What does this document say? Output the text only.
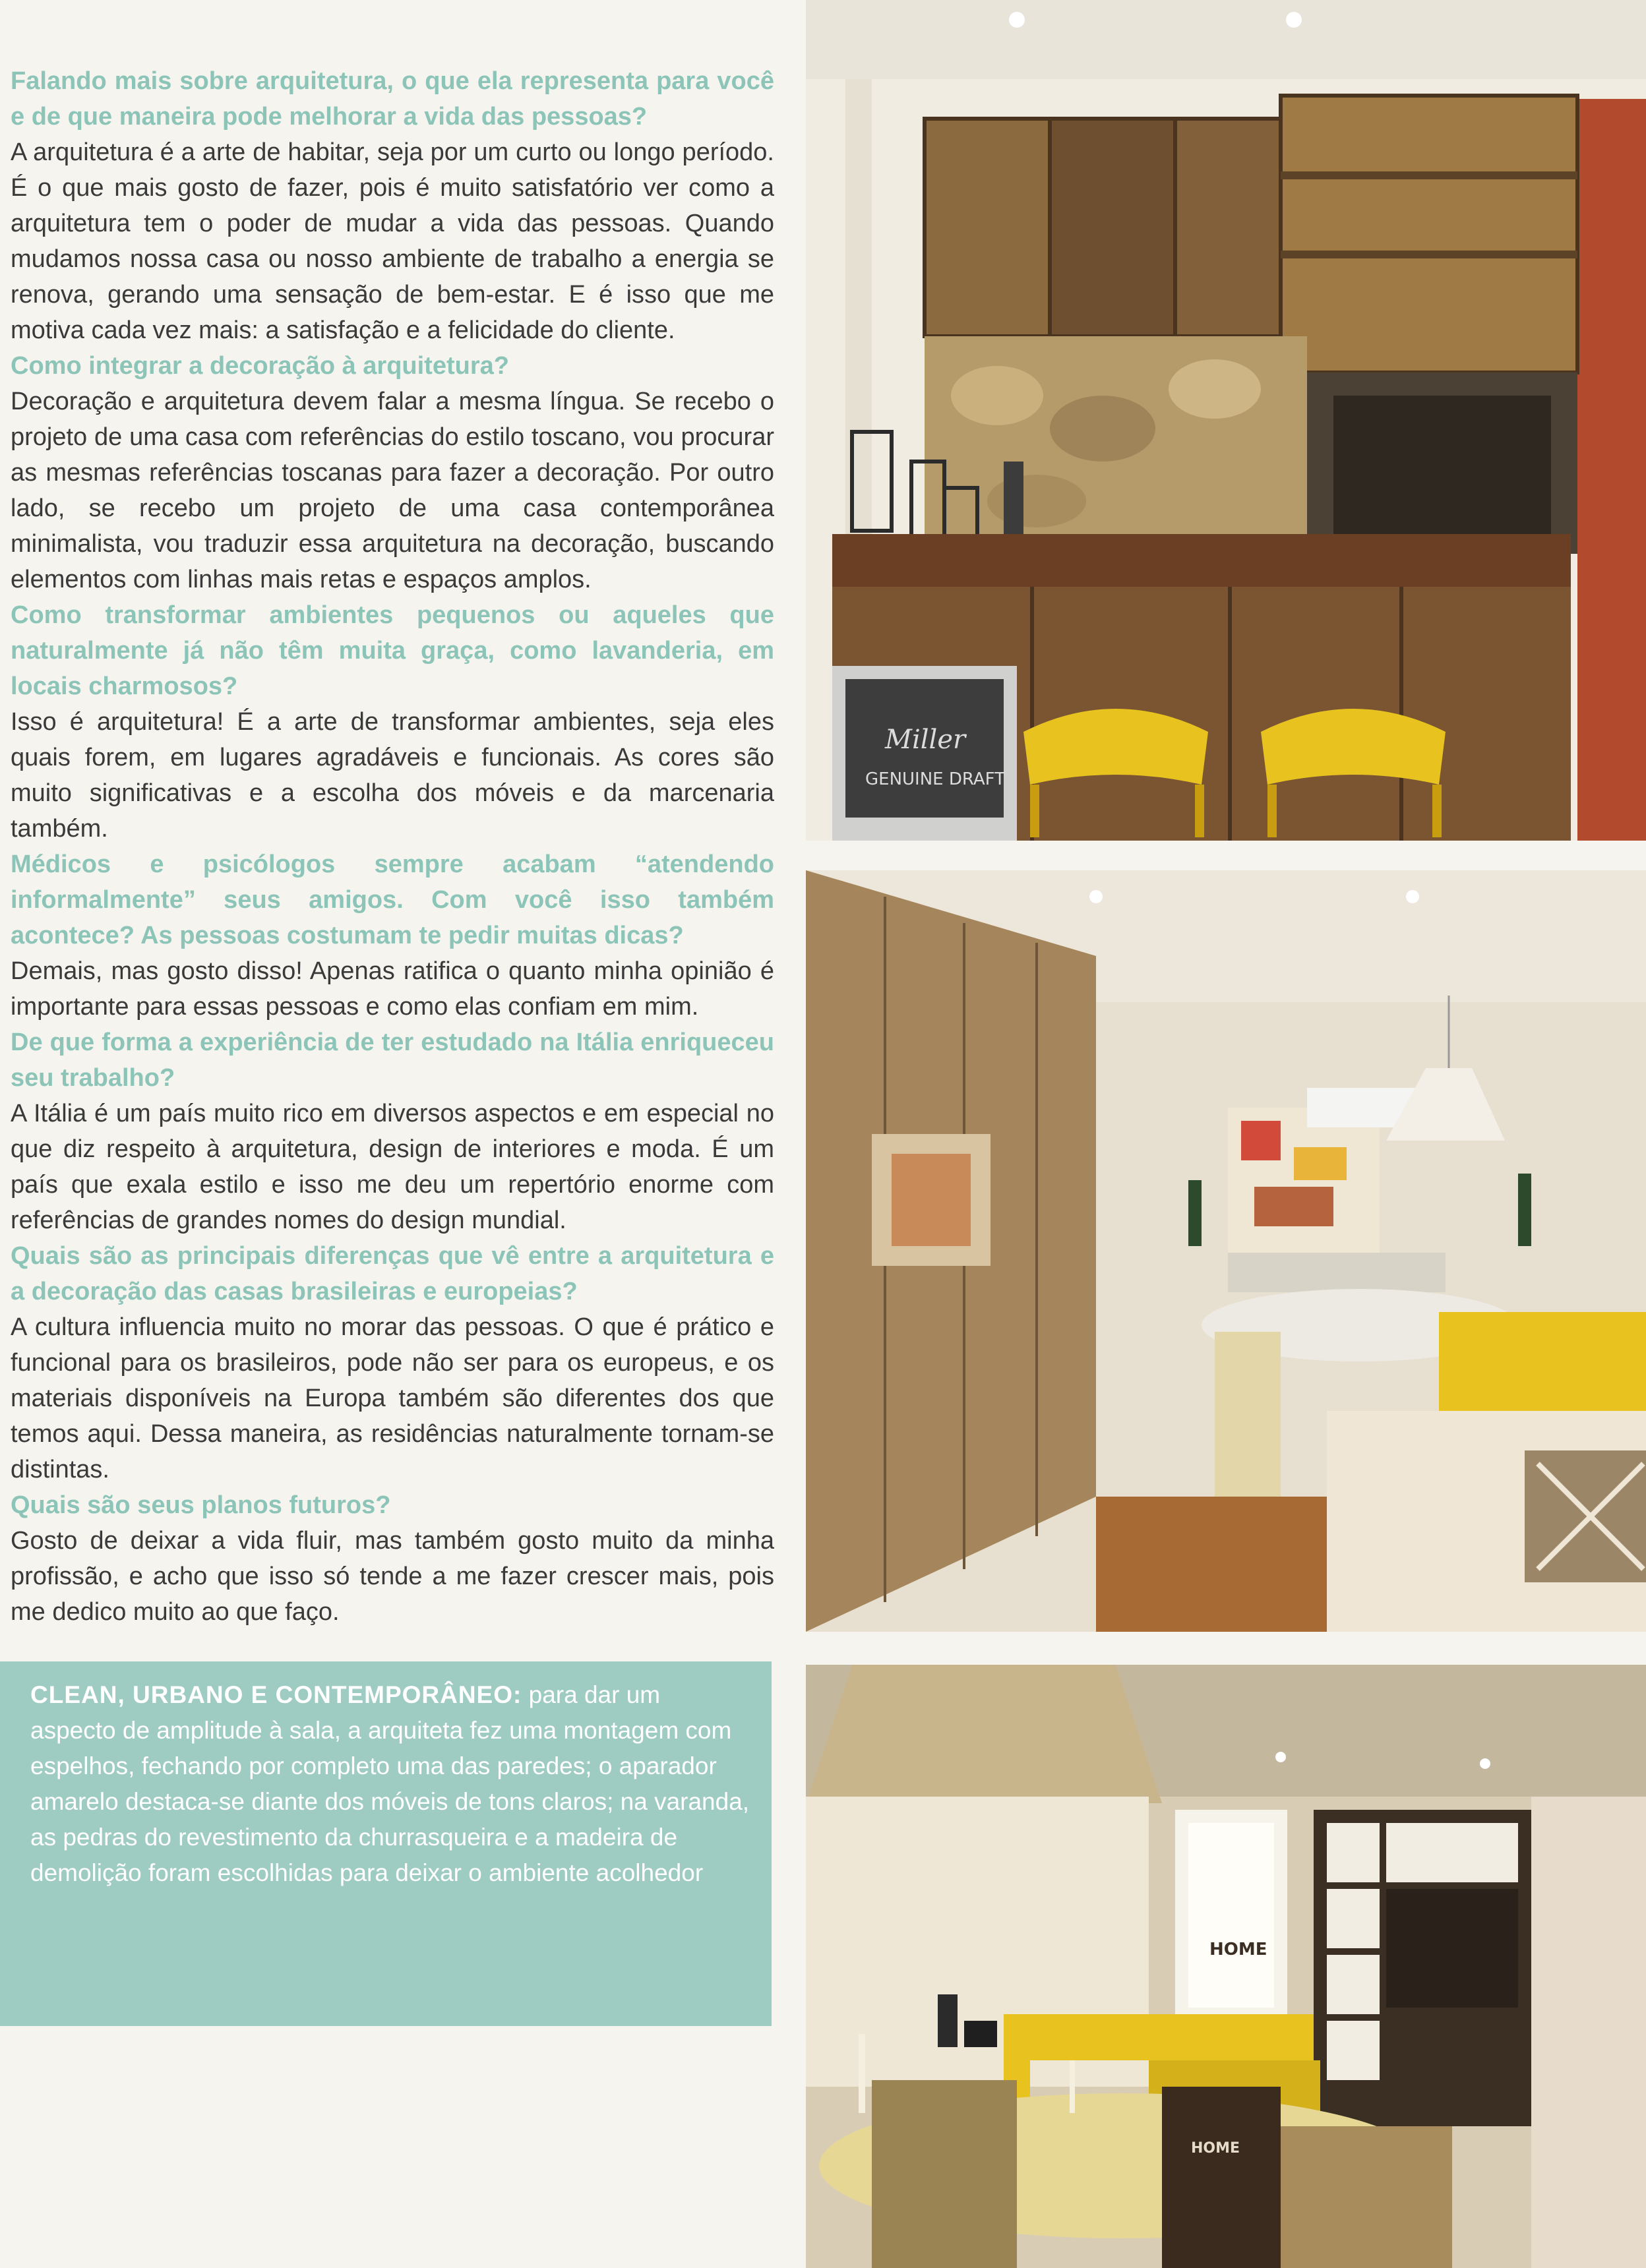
Falando mais sobre arquitetura, o que ela representa para você e de que maneira pode melhorar a vida das pessoas?

A arquitetura é a arte de habitar, seja por um curto ou longo período. É o que mais gosto de fazer, pois é muito satisfatório ver como a arquitetura tem o poder de mudar a vida das pessoas. Quando mudamos nossa casa ou nosso ambiente de trabalho a energia se renova, gerando uma sensação de bem-estar. E é isso que me motiva cada vez mais: a satisfação e a felicidade do cliente.

Como integrar a decoração à arquitetura?

Decoração e arquitetura devem falar a mesma língua. Se recebo o projeto de uma casa com referências do estilo toscano, vou procurar as mesmas referências toscanas para fazer a decoração. Por outro lado, se recebo um projeto de uma casa contemporânea minimalista, vou traduzir essa arquitetura na decoração, buscando elementos com linhas mais retas e espaços amplos.

Como transformar ambientes pequenos ou aqueles que naturalmente já não têm muita graça, como lavanderia, em locais charmosos?

Isso é arquitetura! É a arte de transformar ambientes, seja eles quais forem, em lugares agradáveis e funcionais. As cores são muito significativas e a escolha dos móveis e da marcenaria também.

Médicos e psicólogos sempre acabam “atendendo informalmente” seus amigos. Com você isso também acontece? As pessoas costumam te pedir muitas dicas?

Demais, mas gosto disso! Apenas ratifica o quanto minha opinião é importante para essas pessoas e como elas confiam em mim.

De que forma a experiência de ter estudado na Itália enriqueceu seu trabalho?

A Itália é um país muito rico em diversos aspectos e em especial no que diz respeito à arquitetura, design de interiores e moda. É um país que exala estilo e isso me deu um repertório enorme com referências de grandes nomes do design mundial.

Quais são as principais diferenças que vê entre a arquitetura e a decoração das casas brasileiras e europeias?

A cultura influencia muito no morar das pessoas. O que é prático e funcional para os brasileiros, pode não ser para os europeus, e os materiais disponíveis na Europa também são diferentes dos que temos aqui. Dessa maneira, as residências naturalmente tornam-se distintas.

Quais são seus planos futuros?

Gosto de deixar a vida fluir, mas também gosto muito da minha profissão, e acho que isso só tende a me fazer crescer mais, pois me dedico muito ao que faço.

CLEAN, URBANO E CONTEMPORÂNEO: para dar um aspecto de amplitude à sala, a arquiteta fez uma montagem com espelhos, fechando por completo uma das paredes; o aparador amarelo destaca-se diante dos móveis de tons claros; na varanda, as pedras do revestimento da churrasqueira e a madeira de demolição foram escolhidas para deixar o ambiente acolhedor

Miller
GENUINE DRAFT
HOME
HOME
